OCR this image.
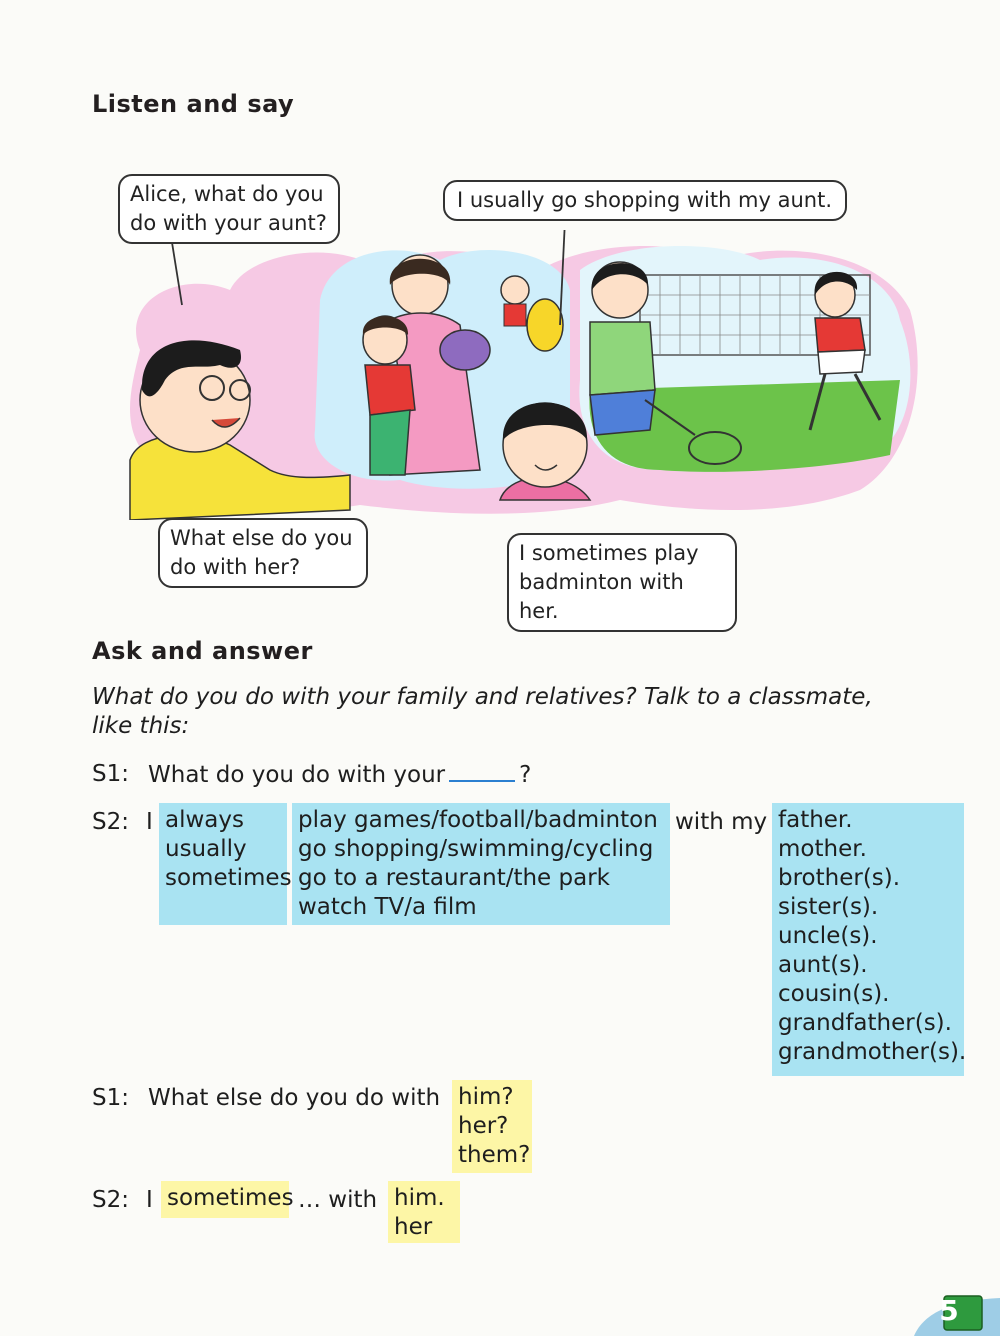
Listen and say
Alice, what do you
do with your aunt?
I usually go shopping with my aunt.
What else do you
do with her?
I sometimes play
badminton with her.
Ask and answer
What do you do with your family and relatives? Talk to a classmate,
like this:
S1: What do you do with your	?
S2: I always
usually
sometimes
play games/football/badminton
go shopping/swimming/cycling
go to a restaurant/the park
watch TV/a film
with my father.
mother.
brother(s).
sister(s).
uncle(s).
aunt(s).
cousin(s).
grandfather(s).
grandmother(s).
S1: What else do you do with him?
her?
them?
S2: I sometimes … with him.
her
5
